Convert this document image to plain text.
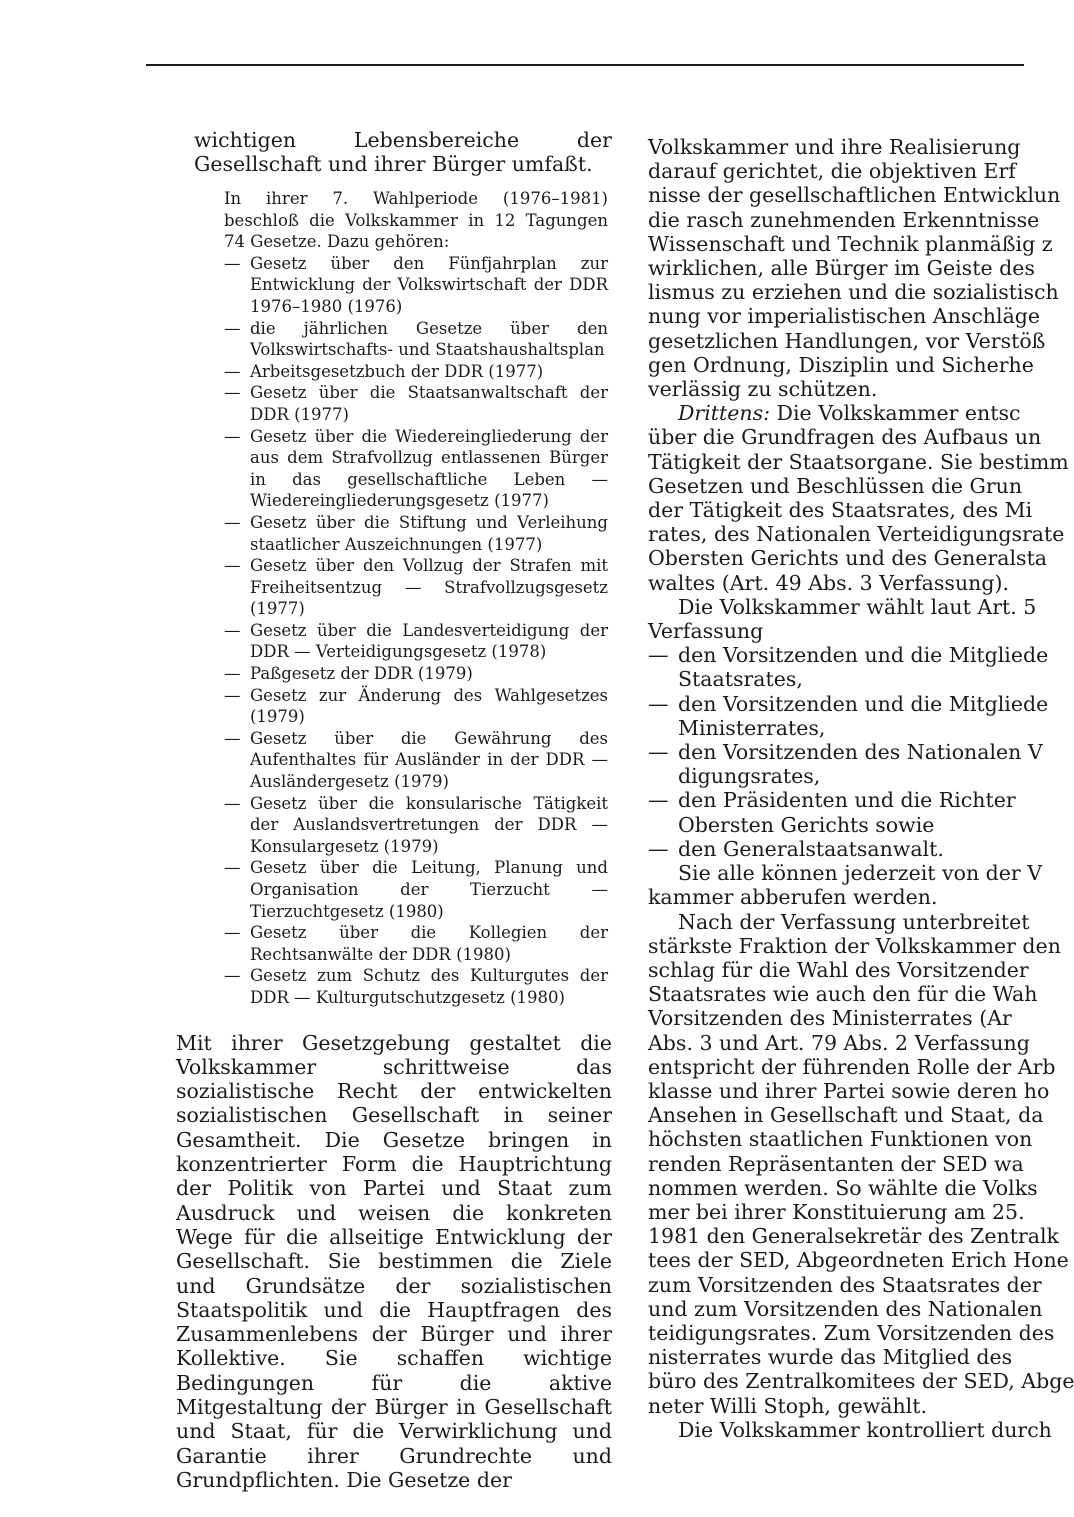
wichtigen Lebensbereiche der Gesellschaft und ihrer Bürger umfaßt.

In ihrer 7. Wahlperiode (1976–1981) beschloß die Volkskammer in 12 Tagungen 74 Gesetze. Dazu gehören:

— Gesetz über den Fünfjahrplan zur Entwicklung der Volkswirtschaft der DDR 1976–1980 (1976)
— die jährlichen Gesetze über den Volkswirtschafts- und Staatshaushaltsplan
— Arbeitsgesetzbuch der DDR (1977)
— Gesetz über die Staatsanwaltschaft der DDR (1977)
— Gesetz über die Wiedereingliederung der aus dem Strafvollzug entlassenen Bürger in das gesellschaftliche Leben — Wiedereingliederungsgesetz (1977)
— Gesetz über die Stiftung und Verleihung staatlicher Auszeichnungen (1977)
— Gesetz über den Vollzug der Strafen mit Freiheitsentzug — Strafvollzugsgesetz (1977)
— Gesetz über die Landesverteidigung der DDR — Verteidigungsgesetz (1978)
— Paßgesetz der DDR (1979)
— Gesetz zur Änderung des Wahlgesetzes (1979)
— Gesetz über die Gewährung des Aufenthaltes für Ausländer in der DDR — Ausländergesetz (1979)
— Gesetz über die konsularische Tätigkeit der Auslandsvertretungen der DDR — Konsulargesetz (1979)
— Gesetz über die Leitung, Planung und Organisation der Tierzucht — Tierzuchtgesetz (1980)
— Gesetz über die Kollegien der Rechtsanwälte der DDR (1980)
— Gesetz zum Schutz des Kulturgutes der DDR — Kulturgutschutzgesetz (1980)

Mit ihrer Gesetzgebung gestaltet die Volkskammer schrittweise das sozialistische Recht der entwickelten sozialistischen Gesellschaft in seiner Gesamtheit. Die Gesetze bringen in konzentrierter Form die Hauptrichtung der Politik von Partei und Staat zum Ausdruck und weisen die konkreten Wege für die allseitige Entwicklung der Gesellschaft. Sie bestimmen die Ziele und Grundsätze der sozialistischen Staatspolitik und die Hauptfragen des Zusammenlebens der Bürger und ihrer Kollektive. Sie schaffen wichtige Bedingungen für die aktive Mitgestaltung der Bürger in Gesellschaft und Staat, für die Verwirklichung und Garantie ihrer Grundrechte und Grundpflichten. Die Gesetze der

Volkskammer und ihre Realisierung

darauf gerichtet, die objektiven Erf

nisse der gesellschaftlichen Entwicklun

die rasch zunehmenden Erkenntnisse

Wissenschaft und Technik planmäßig z

wirklichen, alle Bürger im Geiste des

lismus zu erziehen und die sozialistisch

nung vor imperialistischen Anschläge

gesetzlichen Handlungen, vor Verstöß

gen Ordnung, Disziplin und Sicherhe

verlässig zu schützen.

Drittens: Die Volkskammer entsc

über die Grundfragen des Aufbaus un

Tätigkeit der Staatsorgane. Sie bestimm

Gesetzen und Beschlüssen die Grun

der Tätigkeit des Staatsrates, des Mi

rates, des Nationalen Verteidigungsrate

Obersten Gerichts und des Generalsta

waltes (Art. 49 Abs. 3 Verfassung).

Die Volkskammer wählt laut Art. 5

Verfassung

— den Vorsitzenden und die Mitgliede
Staatsrates,
— den Vorsitzenden und die Mitgliede
Ministerrates,
— den Vorsitzenden des Nationalen V
digungsrates,
— den Präsidenten und die Richter
Obersten Gerichts sowie
— den Generalstaatsanwalt.

Sie alle können jederzeit von der V

kammer abberufen werden.

Nach der Verfassung unterbreitet

stärkste Fraktion der Volkskammer den

schlag für die Wahl des Vorsitzender

Staatsrates wie auch den für die Wah

Vorsitzenden des Ministerrates (Ar

Abs. 3 und Art. 79 Abs. 2 Verfassung

entspricht der führenden Rolle der Arb

klasse und ihrer Partei sowie deren ho

Ansehen in Gesellschaft und Staat, da

höchsten staatlichen Funktionen von

renden Repräsentanten der SED wa

nommen werden. So wählte die Volks

mer bei ihrer Konstituierung am 25.

1981 den Generalsekretär des Zentralk

tees der SED, Abgeordneten Erich Hone

zum Vorsitzenden des Staatsrates der

und zum Vorsitzenden des Nationalen

teidigungsrates. Zum Vorsitzenden des

nisterrates wurde das Mitglied des

büro des Zentralkomitees der SED, Abge

neter Willi Stoph, gewählt.

Die Volkskammer kontrolliert durch
